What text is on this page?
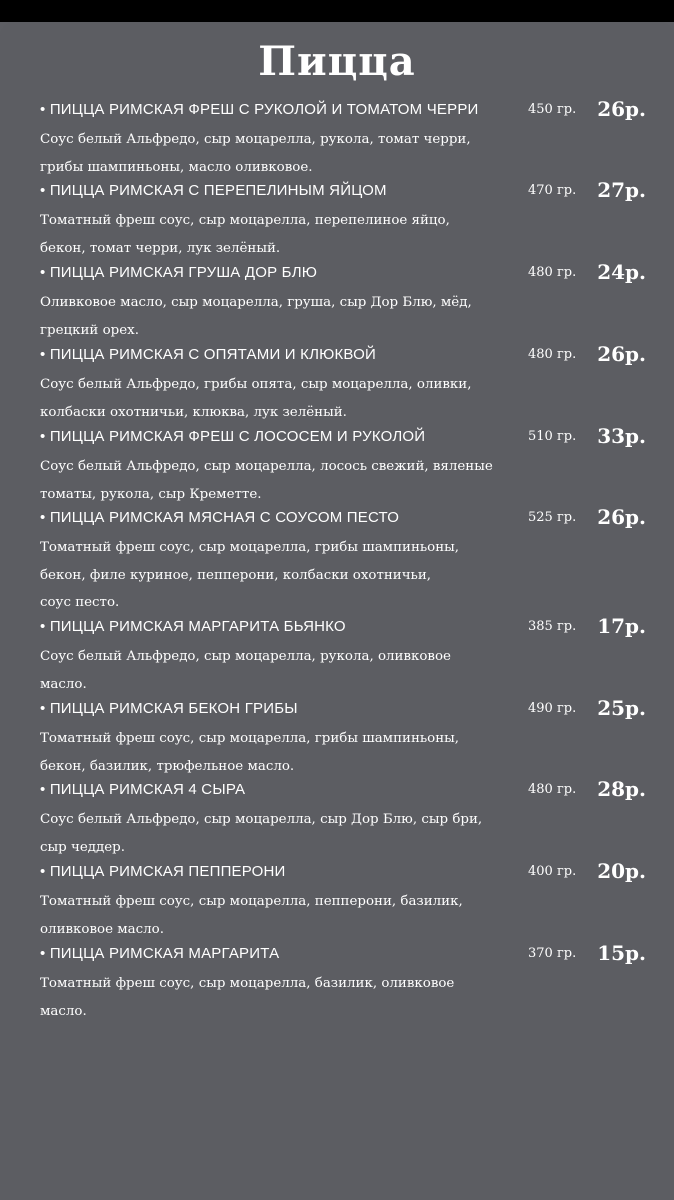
Пицца
• ПИЦЦА РИМСКАЯ ФРЕШ С РУКОЛОЙ И ТОМАТОМ ЧЕРРИ	450 гр. 26р.
Соус белый Альфредо, сыр моцарелла, рукола, томат черри,
грибы шампиньоны, масло оливковое.
• ПИЦЦА РИМСКАЯ С ПЕРЕПЕЛИНЫМ ЯЙЦОМ	470 гр. 27р.
Томатный фреш соус, сыр моцарелла, перепелиное яйцо,
бекон, томат черри, лук зелёный.
• ПИЦЦА РИМСКАЯ ГРУША ДОР БЛЮ	480 гр. 24р.
Оливковое масло, сыр моцарелла, груша, сыр Дор Блю, мёд,
грецкий орех.
• ПИЦЦА РИМСКАЯ С ОПЯТАМИ И КЛЮКВОЙ	480 гр. 26р.
Соус белый Альфредо, грибы опята, сыр моцарелла, оливки,
колбаски охотничьи, клюква, лук зелёный.
• ПИЦЦА РИМСКАЯ ФРЕШ С ЛОСОСЕМ И РУКОЛОЙ	510 гр. 33р.
Соус белый Альфредо, сыр моцарелла, лосось свежий, вяленые
томаты, рукола, сыр Креметте.
• ПИЦЦА РИМСКАЯ МЯСНАЯ С СОУСОМ ПЕСТО	525 гр. 26р.
Томатный фреш соус, сыр моцарелла, грибы шампиньоны,
бекон, филе куриное, пепперони, колбаски охотничьи,
соус песто.
• ПИЦЦА РИМСКАЯ МАРГАРИТА БЬЯНКО	385 гр. 17р.
Соус белый Альфредо, сыр моцарелла, рукола, оливковое
масло.
• ПИЦЦА РИМСКАЯ БЕКОН ГРИБЫ	490 гр. 25р.
Томатный фреш соус, сыр моцарелла, грибы шампиньоны,
бекон, базилик, трюфельное масло.
• ПИЦЦА РИМСКАЯ 4 СЫРА	480 гр. 28р.
Соус белый Альфредо, сыр моцарелла, сыр Дор Блю, сыр бри,
сыр чеддер.
• ПИЦЦА РИМСКАЯ ПЕППЕРОНИ	400 гр. 20р.
Томатный фреш соус, сыр моцарелла, пепперони, базилик,
оливковое масло.
• ПИЦЦА РИМСКАЯ МАРГАРИТА	370 гр. 15р.
Томатный фреш соус, сыр моцарелла, базилик, оливковое
масло.
